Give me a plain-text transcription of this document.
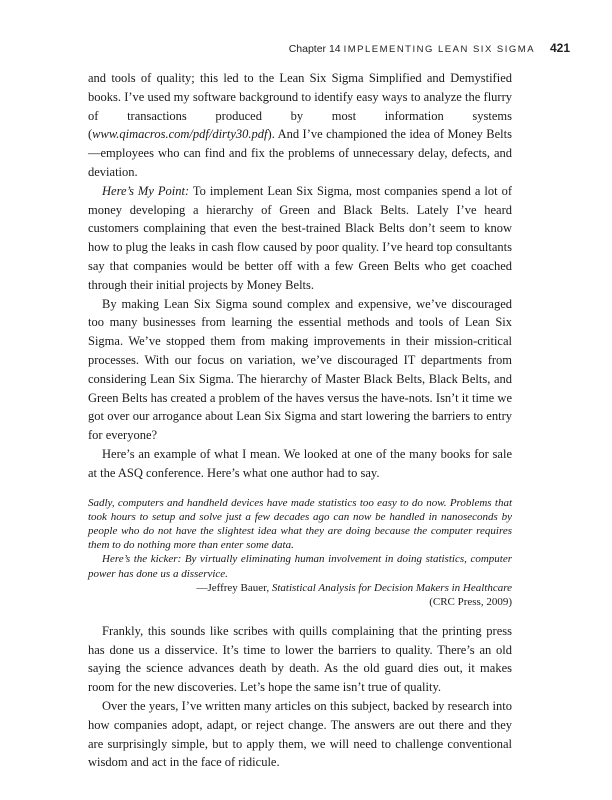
Chapter 14 IMPLEMENTING LEAN SIX SIGMA 421

and tools of quality; this led to the Lean Six Sigma Simplified and Demystified books. I’ve used my software background to identify easy ways to analyze the flurry of transactions produced by most information systems (www.qimacros.com/pdf/dirty30.pdf). And I’ve championed the idea of Money Belts—employees who can find and fix the problems of unnecessary delay, defects, and deviation.

Here’s My Point: To implement Lean Six Sigma, most companies spend a lot of money developing a hierarchy of Green and Black Belts. Lately I’ve heard customers complaining that even the best-trained Black Belts don’t seem to know how to plug the leaks in cash flow caused by poor quality. I’ve heard top consultants say that companies would be better off with a few Green Belts who get coached through their initial projects by Money Belts.

By making Lean Six Sigma sound complex and expensive, we’ve discouraged too many businesses from learning the essential methods and tools of Lean Six Sigma. We’ve stopped them from making improvements in their mission-critical processes. With our focus on variation, we’ve discouraged IT departments from considering Lean Six Sigma. The hierarchy of Master Black Belts, Black Belts, and Green Belts has created a problem of the haves versus the have-nots. Isn’t it time we got over our arrogance about Lean Six Sigma and start lowering the barriers to entry for everyone?

Here’s an example of what I mean. We looked at one of the many books for sale at the ASQ conference. Here’s what one author had to say.

Sadly, computers and handheld devices have made statistics too easy to do now. Problems that took hours to setup and solve just a few decades ago can now be handled in nanoseconds by people who do not have the slightest idea what they are doing because the computer requires them to do nothing more than enter some data.

Here’s the kicker: By virtually eliminating human involvement in doing statistics, computer power has done us a disservice.

—Jeffrey Bauer, Statistical Analysis for Decision Makers in Healthcare
(CRC Press, 2009)

Frankly, this sounds like scribes with quills complaining that the printing press has done us a disservice. It’s time to lower the barriers to quality. There’s an old saying the science advances death by death. As the old guard dies out, it makes room for the new discoveries. Let’s hope the same isn’t true of quality.

Over the years, I’ve written many articles on this subject, backed by research into how companies adopt, adapt, or reject change. The answers are out there and they are surprisingly simple, but to apply them, we will need to challenge conventional wisdom and act in the face of ridicule.
